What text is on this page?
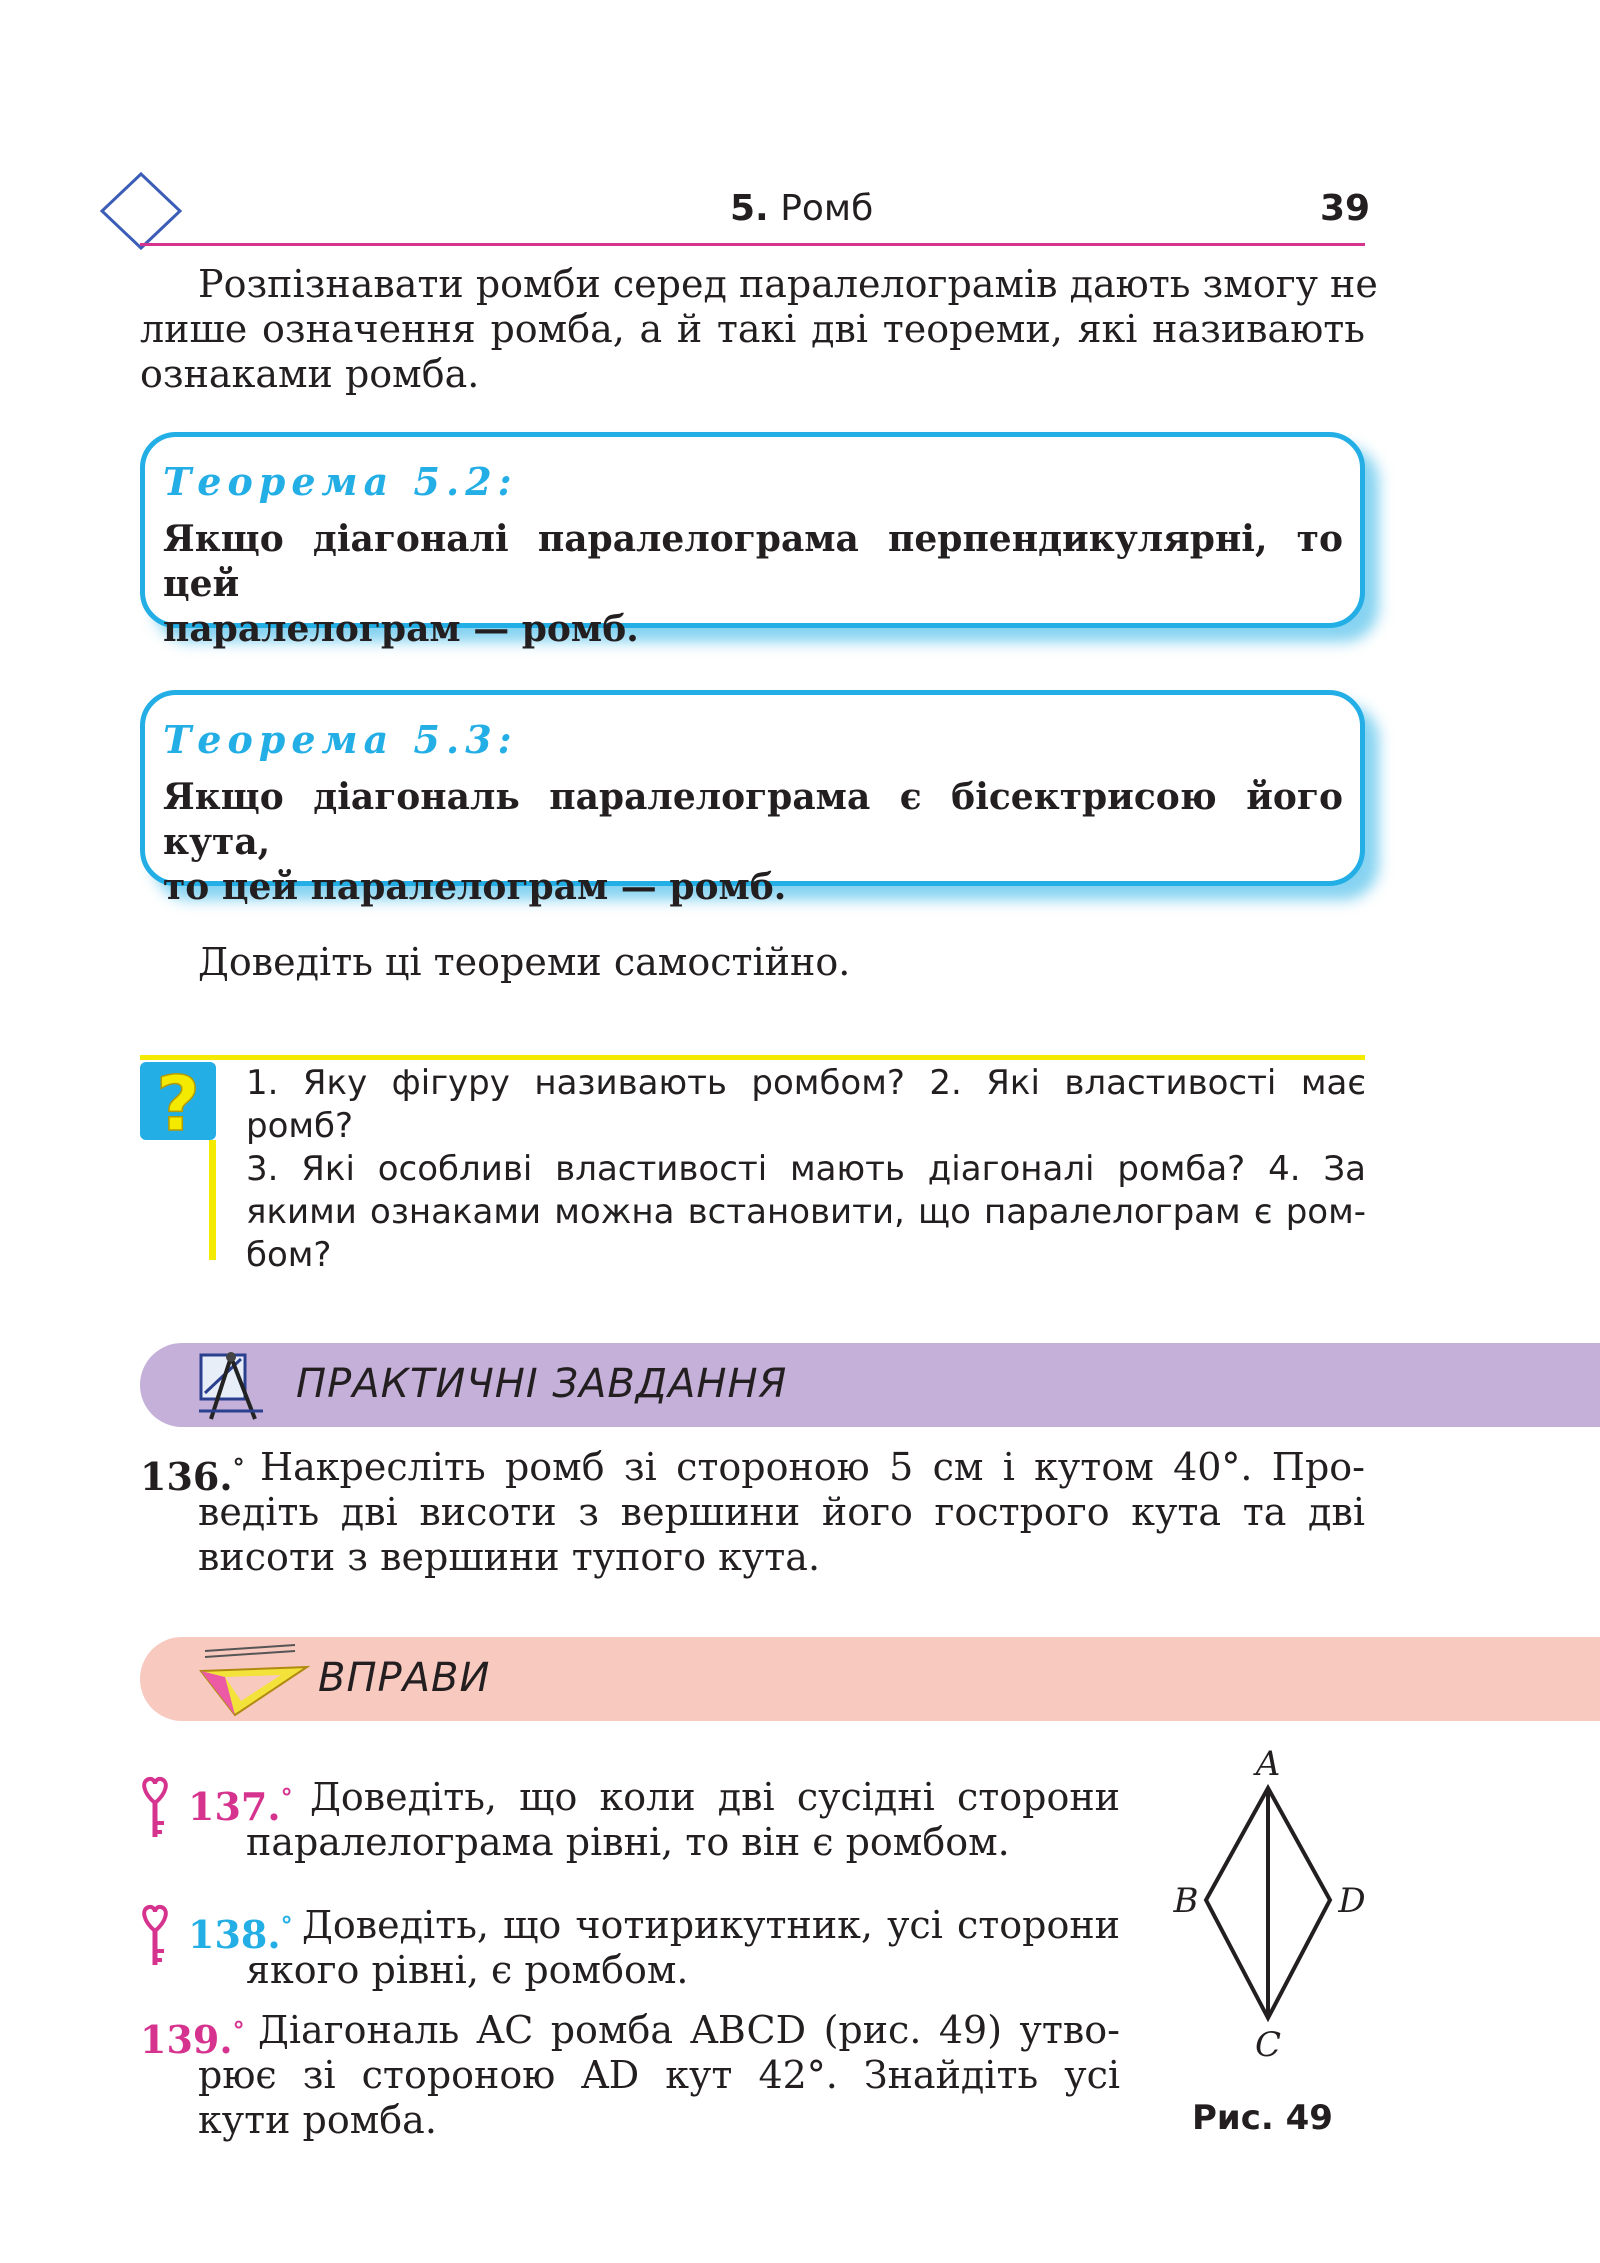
5. Ромб	39
Розпізнавати ромби серед паралелограмів дають змогу не
лише означення ромба, а й такі дві теореми, які називають
ознаками ромба.
Теорема 5.2:
Якщо діагоналі паралелограма перпендикулярні, то цей
паралелограм — ромб.
Теорема 5.3:
Якщо діагональ паралелограма є бісектрисою його кута,
то цей паралелограм — ромб.
Доведіть ці теореми самостійно.
? 1. Яку фігуру називають ромбом? 2. Які властивості має ромб?
3. Які особливі властивості мають діагоналі ромба? 4. За
якими ознаками можна встановити, що паралелограм є ром-
бом?
ПРАКТИЧНІ ЗАВДАННЯ
136.° Накресліть ромб зі стороною 5 см і кутом 40°. Про-
ведіть дві висоти з вершини його гострого кута та дві
висоти з вершини тупого кута.
ВПРАВИ
137.° Доведіть, що коли дві сусідні сторони
паралелограма рівні, то він є ромбом.
138.° Доведіть, що чотирикутник, усі сторони
якого рівні, є ромбом.
139.° Діагональ AC ромба ABCD (рис. 49) утво-
рює зі стороною AD кут 42°. Знайдіть усі
кути ромба.
A
B	D
C
Рис. 49
